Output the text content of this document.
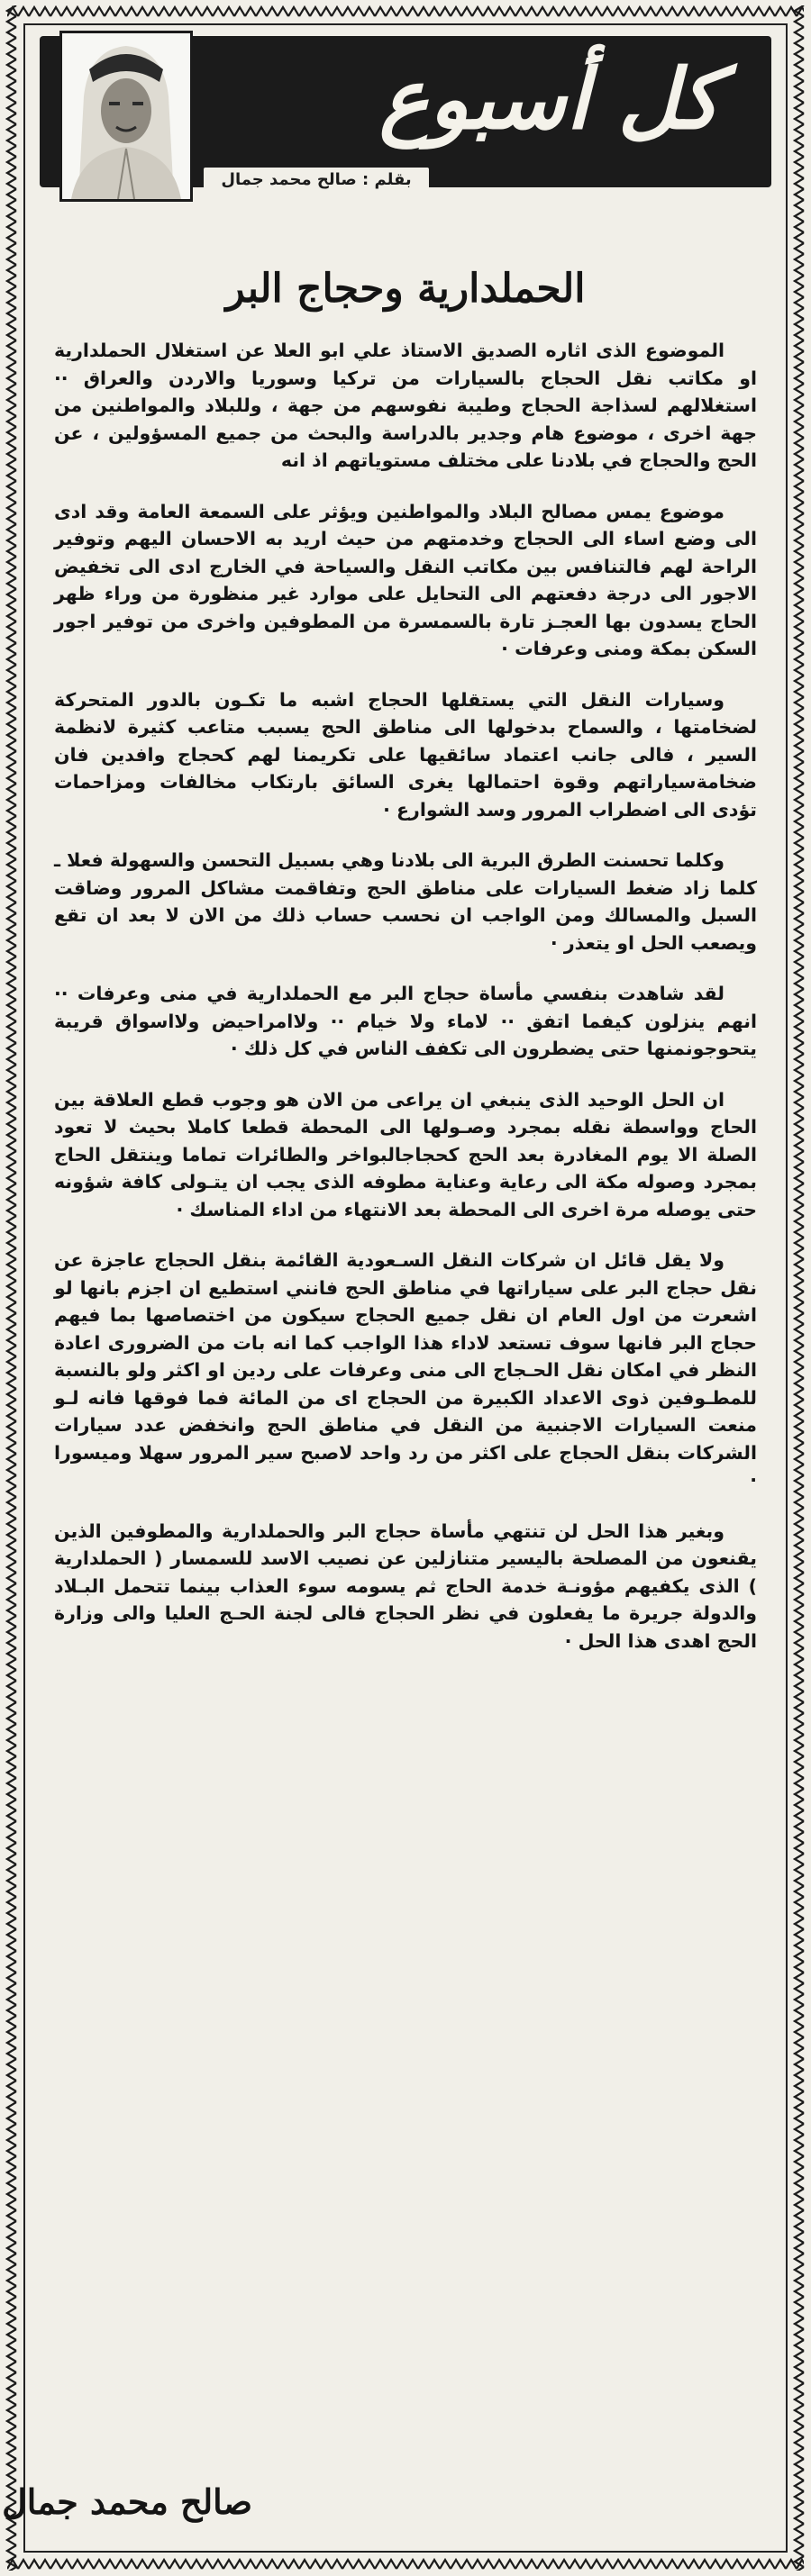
كل أسبوع
بقلم : صالح محمد جمال
الحملدارية وحجاج البر

الموضوع الذى اثاره الصديق الاستاذ علي ابو العلا عن استغلال الحملدارية او مكاتب نقل الحجاج بالسيارات من تركيا وسوريا والاردن والعراق ·· استغلالهم لسذاجة الحجاج وطيبة نفوسهم من جهة ، وللبلاد والمواطنين من جهة اخرى ، موضوع هام وجدير بالدراسة والبحث من جميع المسؤولين ، عن الحج والحجاج في بلادنا على مختلف مستوياتهم اذ انه

موضوع يمس مصالح البلاد والمواطنين ويؤثر على السمعة العامة وقد ادى الى وضع اساء الى الحجاج وخدمتهم من حيث اريد به الاحسان اليهم وتوفير الراحة لهم فالتنافس بين مكاتب النقل والسياحة في الخارج ادى الى تخفيض الاجور الى درجة دفعتهم الى التحايل على موارد غير منظورة من وراء ظهر الحاج يسدون بها العجـز تارة بالسمسرة من المطوفين واخرى من توفير اجور السكن بمكة ومنى وعرفات ·

وسيارات النقل التي يستقلها الحجاج اشبه ما تكـون بالدور المتحركة لضخامتها ، والسماح بدخولها الى مناطق الحج يسبب متاعب كثيرة لانظمة السير ، فالى جانب اعتماد سائقيها على تكريمنا لهم كحجاج وافدين فان ضخامةسياراتهم وقوة احتمالها يغرى السائق بارتكاب مخالفات ومزاحمات تؤدى الى اضطراب المرور وسد الشوارع ·

وكلما تحسنت الطرق البرية الى بلادنا وهي بسبيل التحسن والسهولة فعلا ـ كلما زاد ضغط السيارات على مناطق الحج وتفاقمت مشاكل المرور وضاقت السبل والمسالك ومن الواجب ان نحسب حساب ذلك من الان لا بعد ان تقع ويصعب الحل او يتعذر ·

لقد شاهدت بنفسي مأساة حجاج البر مع الحملدارية في منى وعرفات ·· انهم ينزلون كيفما اتفق ·· لاماء ولا خيام ·· ولاامراحيض ولااسواق قريبة يتحوجونمنها حتى يضطرون الى تكفف الناس في كل ذلك ·

ان الحل الوحيد الذى ينبغي ان يراعى من الان هو وجوب قطع العلاقة بين الحاج وواسطة نقله بمجرد وصـولها الى المحطة قطعا كاملا بحيث لا تعود الصلة الا يوم المغادرة بعد الحج كحجاجالبواخر والطائرات تماما وينتقل الحاج بمجرد وصوله مكة الى رعاية وعناية مطوفه الذى يجب ان يتـولى كافة شؤونه حتى يوصله مرة اخرى الى المحطة بعد الانتهاء من اداء المناسك ·

ولا يقل قائل ان شركات النقل السـعودية القائمة بنقل الحجاج عاجزة عن نقل حجاج البر على سياراتها في مناطق الحج فانني استطيع ان اجزم بانها لو اشعرت من اول العام ان نقل جميع الحجاج سيكون من اختصاصها بما فيهم حجاج البر فانها سوف تستعد لاداء هذا الواجب كما انه بات من الضرورى اعادة النظر في امكان نقل الحـجاج الى منى وعرفات على ردين او اكثر ولو بالنسبة للمطـوفين ذوى الاعداد الكبيرة من الحجاج اى من المائة فما فوقها فانه لـو منعت السيارات الاجنبية من النقل في مناطق الحج وانخفض عدد سيارات الشركات بنقل الحجاج على اكثر من رد واحد لاصبح سير المرور سهلا وميسورا ·

وبغير هذا الحل لن تنتهي مأساة حجاج البر والحملدارية والمطوفين الذين يقنعون من المصلحة باليسير متنازلين عن نصيب الاسد للسمسار ( الحملدارية ) الذى يكفيهم مؤونـة خدمة الحاج ثم يسومه سوء العذاب بينما تتحمل البـلاد والدولة جريرة ما يفعلون في نظر الحجاج فالى لجنة الحـج العليا والى وزارة الحج اهدى هذا الحل ·

صالح محمد جمال
